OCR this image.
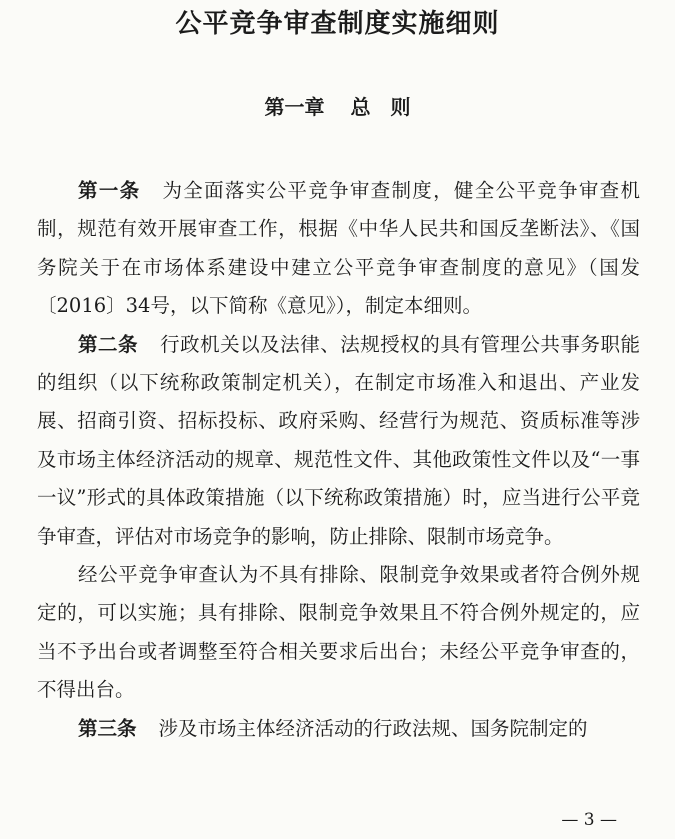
公平竞争审查制度实施细则
第一章 总　则

第一条 为全面落实公平竞争审查制度，健全公平竞争审查机制，规范有效开展审查工作，根据《中华人民共和国反垄断法》、《国务院关于在市场体系建设中建立公平竞争审查制度的意见》（国发〔2016〕34号，以下简称《意见》），制定本细则。

第二条 行政机关以及法律、法规授权的具有管理公共事务职能的组织（以下统称政策制定机关），在制定市场准入和退出、产业发展、招商引资、招标投标、政府采购、经营行为规范、资质标准等涉及市场主体经济活动的规章、规范性文件、其他政策性文件以及“一事一议”形式的具体政策措施（以下统称政策措施）时，应当进行公平竞争审查，评估对市场竞争的影响，防止排除、限制市场竞争。

经公平竞争审查认为不具有排除、限制竞争效果或者符合例外规定的，可以实施；具有排除、限制竞争效果且不符合例外规定的，应当不予出台或者调整至符合相关要求后出台；未经公平竞争审查的，不得出台。

第三条 涉及市场主体经济活动的行政法规、国务院制定的

— 3 —
